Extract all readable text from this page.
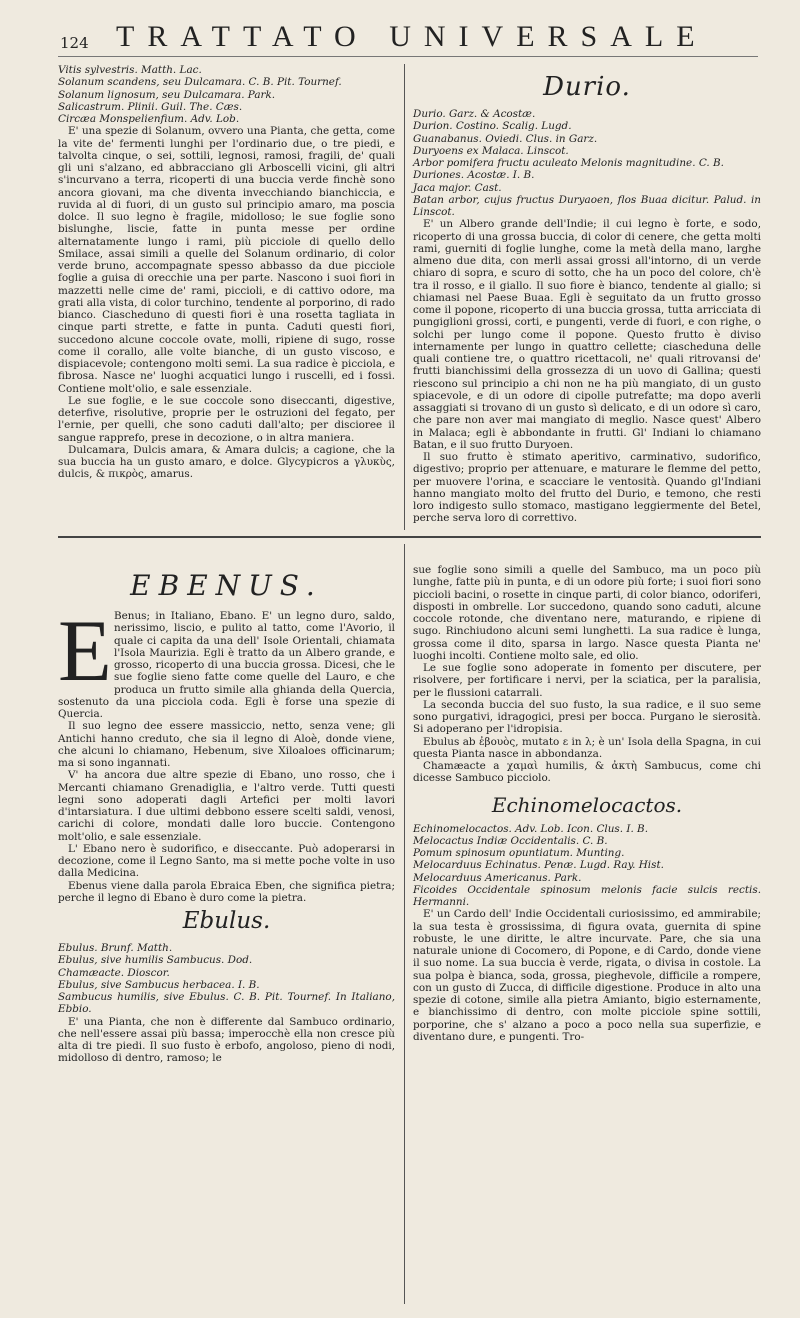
124 TRATTATO UNIVERSALE

Vitis sylvestris. Matth. Lac.

Solanum scandens, seu Dulcamara. C. B. Pit. Tournef.

Solanum lignosum, seu Dulcamara. Park.

Salicastrum. Plinii. Guil. The. Cæs.

Circæa Monspelienfium. Adv. Lob.

E' una spezie di Solanum, ovvero una Pianta, che getta, come la vite de' fermenti lunghi per l'ordinario due, o tre piedi, e talvolta cinque, o sei, sottili, legnosi, ramosi, fragili, de' quali gli uni s'alzano, ed abbracciano gli Arboscelli vicini, gli altri s'incurvano a terra, ricoperti di una buccia verde finchè sono ancora giovani, ma che diventa invecchiando bianchiccia, e ruvida al di fuori, di un gusto sul principio amaro, ma poscia dolce. Il suo legno è fragile, midolloso; le sue foglie sono bislunghe, liscie, fatte in punta messe per ordine alternatamente lungo i rami, più picciole di quello dello Smilace, assai simili a quelle del Solanum ordinario, di color verde bruno, accompagnate spesso abbasso da due picciole foglie a guisa di orecchie una per parte. Nascono i suoi fiori in mazzetti nelle cime de' rami, piccioli, e di cattivo odore, ma grati alla vista, di color turchino, tendente al porporino, di rado bianco. Ciascheduno di questi fiori è una rosetta tagliata in cinque parti strette, e fatte in punta. Caduti questi fiori, succedono alcune coccole ovate, molli, ripiene di sugo, rosse come il corallo, alle volte bianche, di un gusto viscoso, e dispiacevole; contengono molti semi. La sua radice è picciola, e fibrosa. Nasce ne' luoghi acquatici lungo i ruscelli, ed i fossi. Contiene molt'olio, e sale essenziale.

Le sue foglie, e le sue coccole sono diseccanti, digestive, deterfive, risolutive, proprie per le ostruzioni del fegato, per l'ernie, per quelli, che sono caduti dall'alto; per discioree il sangue rapprefo, prese in decozione, o in altra maniera.

Dulcamara, Dulcis amara, & Amara dulcis; a cagione, che la sua buccia ha un gusto amaro, e dolce. Glycypicros a γλυκὺς, dulcis, & πικρὸς, amarus.

Durio.

Durio. Garz. & Acostæ.

Durion. Costino. Scalig. Lugd.

Guanabanus. Oviedi. Clus. in Garz.

Duryoens ex Malaca. Linscot.

Arbor pomifera fructu aculeato Melonis magnitudine. C. B.

Duriones. Acostæ. I. B.

Jaca major. Cast.

Batan arbor, cujus fructus Duryaoen, flos Buaa dicitur. Palud. in Linscot.

E' un Albero grande dell'Indie; il cui legno è forte, e sodo, ricoperto di una grossa buccia, di color di cenere, che getta molti rami, guerniti di foglie lunghe, come la metà della mano, larghe almeno due dita, con merli assai grossi all'intorno, di un verde chiaro di sopra, e scuro di sotto, che ha un poco del colore, ch'è tra il rosso, e il giallo. Il suo fiore è bianco, tendente al giallo; si chiamasi nel Paese Buaa. Egli è seguitato da un frutto grosso come il popone, ricoperto di una buccia grossa, tutta arricciata di pungiglioni grossi, corti, e pungenti, verde di fuori, e con righe, o solchi per lungo come il popone. Questo frutto è diviso internamente per lungo in quattro cellette; ciascheduna delle quali contiene tre, o quattro ricettacoli, ne' quali ritrovansi de' frutti bianchissimi della grossezza di un uovo di Gallina; questi riescono sul principio a chi non ne ha più mangiato, di un gusto spiacevole, e di un odore di cipolle putrefatte; ma dopo averli assaggiati si trovano di un gusto sì delicato, e di un odore sì caro, che pare non aver mai mangiato di meglio. Nasce quest' Albero in Malaca; egli è abbondante in frutti. Gl' Indiani lo chiamano Batan, e il suo frutto Duryoen.

Il suo frutto è stimato aperitivo, carminativo, sudorifico, digestivo; proprio per attenuare, e maturare le flemme del petto, per muovere l'orina, e scacciare le ventosità. Quando gl'Indiani hanno mangiato molto del frutto del Durio, e temono, che resti loro indigesto sullo stomaco, mastigano leggiermente del Betel, perche serva loro di correttivo.

EBENUS.
E Benus; in Italiano, Ebano. E' un legno duro, saldo, nerissimo, liscio, e pulito al tatto, come l'Avorio, il quale ci capita da una dell' Isole Orientali, chiamata l'Isola Maurizia. Egli è tratto da un Albero grande, e grosso, ricoperto di una buccia grossa. Dicesi, che le sue foglie sieno fatte come quelle del Lauro, e che produca un frutto simile alla ghianda della Quercia, sostenuto da una picciola coda. Egli è forse una spezie di Quercia.

Il suo legno dee essere massiccio, netto, senza vene; gli Antichi hanno creduto, che sia il legno di Aloè, donde viene, che alcuni lo chiamano, Hebenum, sive Xiloaloes officinarum; ma si sono ingannati.

V' ha ancora due altre spezie di Ebano, uno rosso, che i Mercanti chiamano Grenadiglia, e l'altro verde. Tutti questi legni sono adoperati dagli Artefici per molti lavori d'intarsiatura. I due ultimi debbono essere scelti saldi, venosi, carichi di colore, mondati dalle loro buccie. Contengono molt'olio, e sale essenziale.

L' Ebano nero è sudorifico, e diseccante. Può adoperarsi in decozione, come il Legno Santo, ma si mette poche volte in uso dalla Medicina.

Ebenus viene dalla parola Ebraica Eben, che significa pietra; perche il legno di Ebano è duro come la pietra.

Ebulus.

Ebulus. Brunf. Matth.

Ebulus, sive humilis Sambucus. Dod.

Chamæacte. Dioscor.

Ebulus, sive Sambucus herbacea. I. B.

Sambucus humilis, sive Ebulus. C. B. Pit. Tournef. In Italiano, Ebbio.

E' una Pianta, che non è differente dal Sambuco ordinario, che nell'essere assai più bassa; imperocchè ella non cresce più alta di tre piedi. Il suo fusto è erbofo, angoloso, pieno di nodi, midolloso di dentro, ramoso; le

sue foglie sono simili a quelle del Sambuco, ma un poco più lunghe, fatte più in punta, e di un odore più forte; i suoi fiori sono piccioli bacini, o rosette in cinque parti, di color bianco, odoriferi, disposti in ombrelle. Lor succedono, quando sono caduti, alcune coccole rotonde, che diventano nere, maturando, e ripiene di sugo. Rinchiudono alcuni semi lunghetti. La sua radice è lunga, grossa come il dito, sparsa in largo. Nasce questa Pianta ne' luoghi incolti. Contiene molto sale, ed olio.

Le sue foglie sono adoperate in fomento per discutere, per risolvere, per fortificare i nervi, per la sciatica, per la paralisia, per le flussioni catarrali.

La seconda buccia del suo fusto, la sua radice, e il suo seme sono purgativi, idragogici, presi per bocca. Purgano le sierosità. Si adoperano per l'idropisia.

Ebulus ab ἐβουὸς, mutato ε in λ; è un' Isola della Spagna, in cui questa Pianta nasce in abbondanza.

Chamæacte a χαμαὶ humilis, & ἀκτὴ Sambucus, come chi dicesse Sambuco picciolo.

Echinomelocactos.

Echinomelocactos. Adv. Lob. Icon. Clus. I. B.

Melocactus Indiæ Occidentalis. C. B.

Pomum spinosum opuntiatum. Munting.

Melocarduus Echinatus. Penæ. Lugd. Ray. Hist.

Melocarduus Americanus. Park.

Ficoides Occidentale spinosum melonis facie sulcis rectis. Hermanni.

E' un Cardo dell' Indie Occidentali curiosissimo, ed ammirabile; la sua testa è grossissima, di figura ovata, guernita di spine robuste, le une diritte, le altre incurvate. Pare, che sia una naturale unione di Cocomero, di Popone, e di Cardo, donde viene il suo nome. La sua buccia è verde, rigata, o divisa in costole. La sua polpa è bianca, soda, grossa, pieghevole, difficile a rompere, con un gusto di Zucca, di difficile digestione. Produce in alto una spezie di cotone, simile alla pietra Amianto, bigio esternamente, e bianchissimo di dentro, con molte picciole spine sottili, porporine, che s' alzano a poco a poco nella sua superfizie, e diventano dure, e pungenti. Tro-
